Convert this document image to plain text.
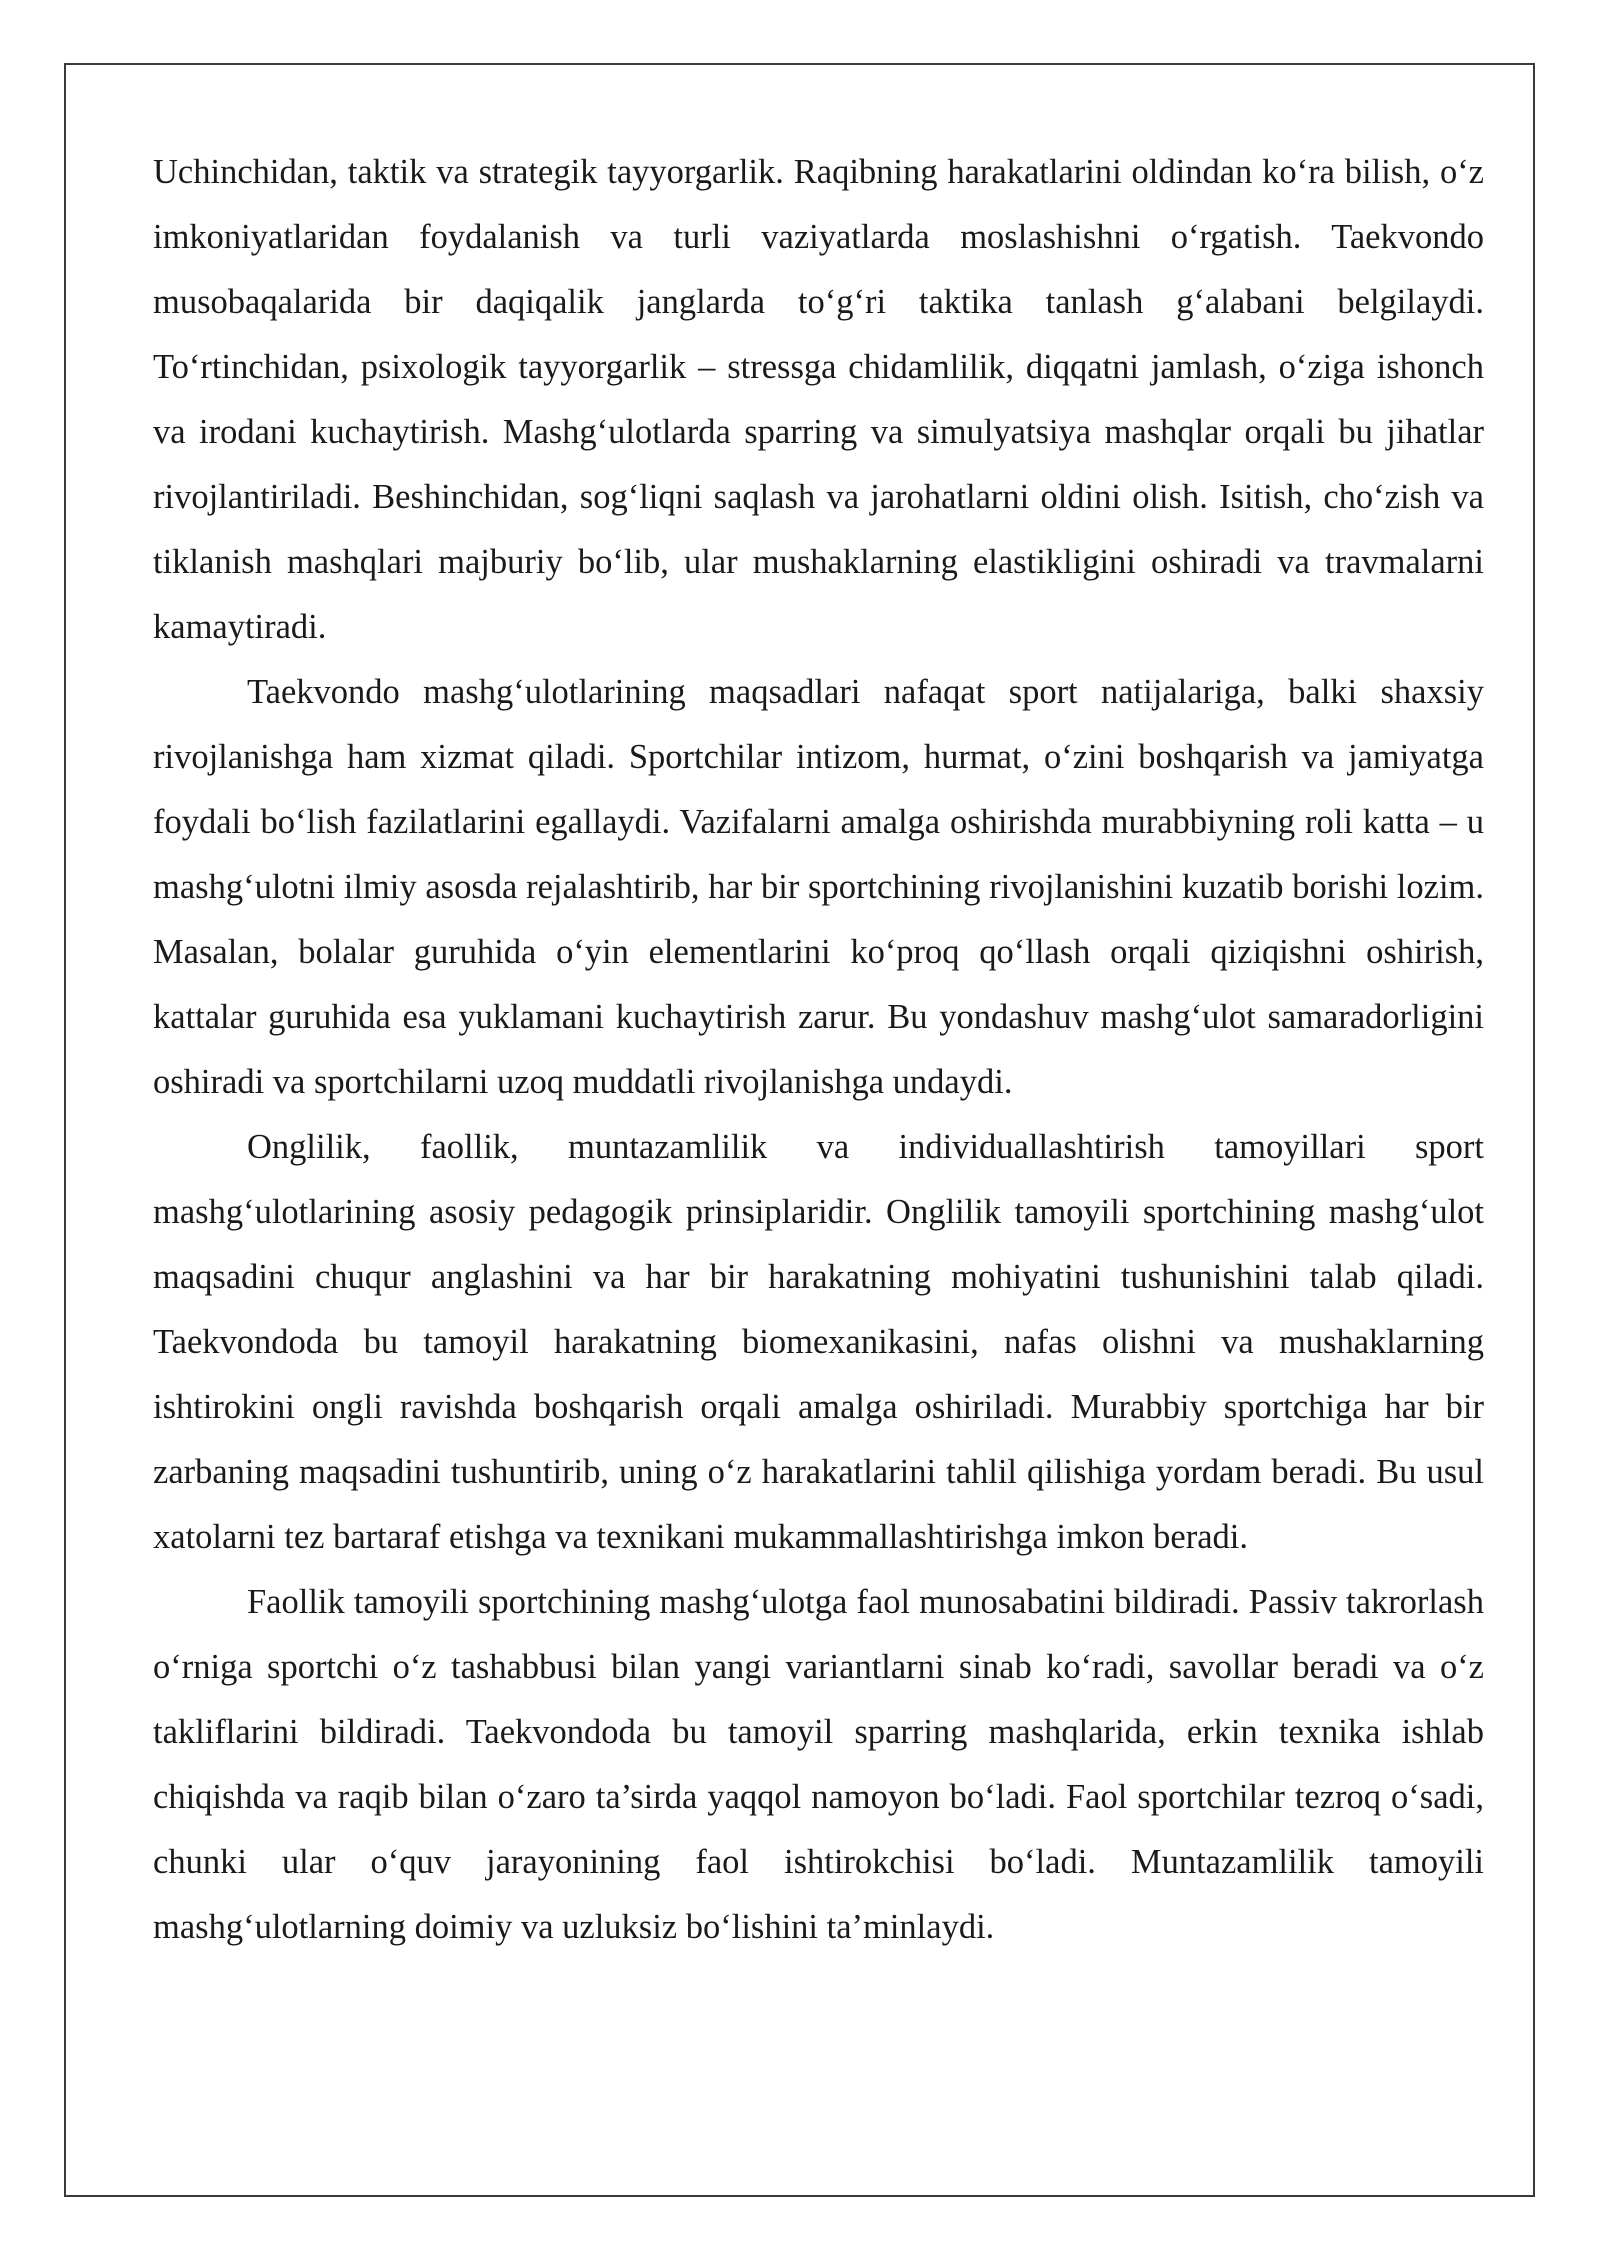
Uchinchidan, taktik va strategik tayyorgarlik. Raqibning harakatlarini oldindan ko‘ra bilish, o‘z imkoniyatlaridan foydalanish va turli vaziyatlarda moslashishni o‘rgatish. Taekvondo musobaqalarida bir daqiqalik janglarda to‘g‘ri taktika tanlash g‘alabani belgilaydi. To‘rtinchidan, psixologik tayyorgarlik – stressga chidamlilik, diqqatni jamlash, o‘ziga ishonch va irodani kuchaytirish. Mashg‘ulotlarda sparring va simulyatsiya mashqlar orqali bu jihatlar rivojlantiriladi. Beshinchidan, sog‘liqni saqlash va jarohatlarni oldini olish. Isitish, cho‘zish va tiklanish mashqlari majburiy bo‘lib, ular mushaklarning elastikligini oshiradi va travmalarni kamaytiradi.

Taekvondo mashg‘ulotlarining maqsadlari nafaqat sport natijalariga, balki shaxsiy rivojlanishga ham xizmat qiladi. Sportchilar intizom, hurmat, o‘zini boshqarish va jamiyatga foydali bo‘lish fazilatlarini egallaydi. Vazifalarni amalga oshirishda murabbiyning roli katta – u mashg‘ulotni ilmiy asosda rejalashtirib, har bir sportchining rivojlanishini kuzatib borishi lozim. Masalan, bolalar guruhida o‘yin elementlarini ko‘proq qo‘llash orqali qiziqishni oshirish, kattalar guruhida esa yuklamani kuchaytirish zarur. Bu yondashuv mashg‘ulot samaradorligini oshiradi va sportchilarni uzoq muddatli rivojlanishga undaydi.

Onglilik, faollik, muntazamlilik va individuallashtirish tamoyillari sport mashg‘ulotlarining asosiy pedagogik prinsiplaridir. Onglilik tamoyili sportchining mashg‘ulot maqsadini chuqur anglashini va har bir harakatning mohiyatini tushunishini talab qiladi. Taekvondoda bu tamoyil harakatning biomexanikasini, nafas olishni va mushaklarning ishtirokini ongli ravishda boshqarish orqali amalga oshiriladi. Murabbiy sportchiga har bir zarbaning maqsadini tushuntirib, uning o‘z harakatlarini tahlil qilishiga yordam beradi. Bu usul xatolarni tez bartaraf etishga va texnikani mukammallashtirishga imkon beradi.

Faollik tamoyili sportchining mashg‘ulotga faol munosabatini bildiradi. Passiv takrorlash o‘rniga sportchi o‘z tashabbusi bilan yangi variantlarni sinab ko‘radi, savollar beradi va o‘z takliflarini bildiradi. Taekvondoda bu tamoyil sparring mashqlarida, erkin texnika ishlab chiqishda va raqib bilan o‘zaro ta’sirda yaqqol namoyon bo‘ladi. Faol sportchilar tezroq o‘sadi, chunki ular o‘quv jarayonining faol ishtirokchisi bo‘ladi. Muntazamlilik tamoyili mashg‘ulotlarning doimiy va uzluksiz bo‘lishini ta’minlaydi.
